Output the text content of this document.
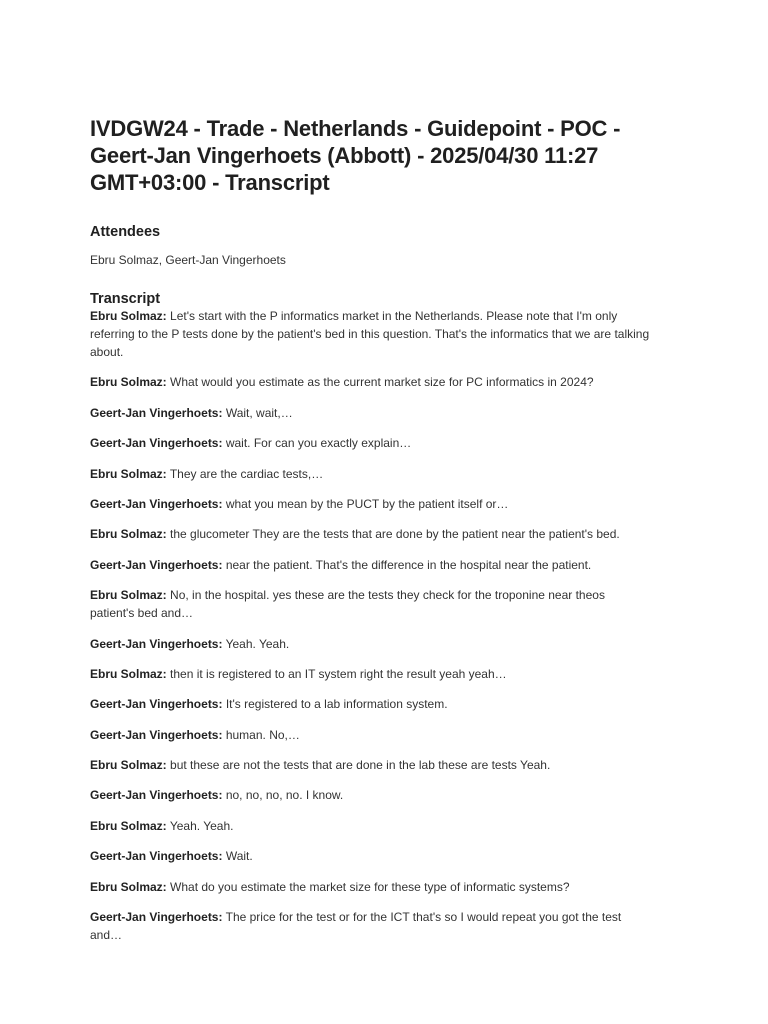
IVDGW24 - Trade - Netherlands - Guidepoint - POC - Geert-Jan Vingerhoets (Abbott) - 2025/04/30 11:27 GMT+03:00 - Transcript
Attendees
Ebru Solmaz, Geert-Jan Vingerhoets
Transcript

Ebru Solmaz: Let's start with the P informatics market in the Netherlands. Please note that I'm only referring to the P tests done by the patient's bed in this question. That's the informatics that we are talking about.

Ebru Solmaz: What would you estimate as the current market size for PC informatics in 2024?

Geert-Jan Vingerhoets: Wait, wait,…

Geert-Jan Vingerhoets: wait. For can you exactly explain…

Ebru Solmaz: They are the cardiac tests,…

Geert-Jan Vingerhoets: what you mean by the PUCT by the patient itself or…

Ebru Solmaz: the glucometer They are the tests that are done by the patient near the patient's bed.

Geert-Jan Vingerhoets: near the patient. That's the difference in the hospital near the patient.

Ebru Solmaz: No, in the hospital. yes these are the tests they check for the troponine near theos patient's bed and…

Geert-Jan Vingerhoets: Yeah. Yeah.

Ebru Solmaz: then it is registered to an IT system right the result yeah yeah…

Geert-Jan Vingerhoets: It's registered to a lab information system.

Geert-Jan Vingerhoets: human. No,…

Ebru Solmaz: but these are not the tests that are done in the lab these are tests Yeah.

Geert-Jan Vingerhoets: no, no, no, no. I know.

Ebru Solmaz: Yeah. Yeah.

Geert-Jan Vingerhoets: Wait.

Ebru Solmaz: What do you estimate the market size for these type of informatic systems?

Geert-Jan Vingerhoets: The price for the test or for the ICT that's so I would repeat you got the test and…
